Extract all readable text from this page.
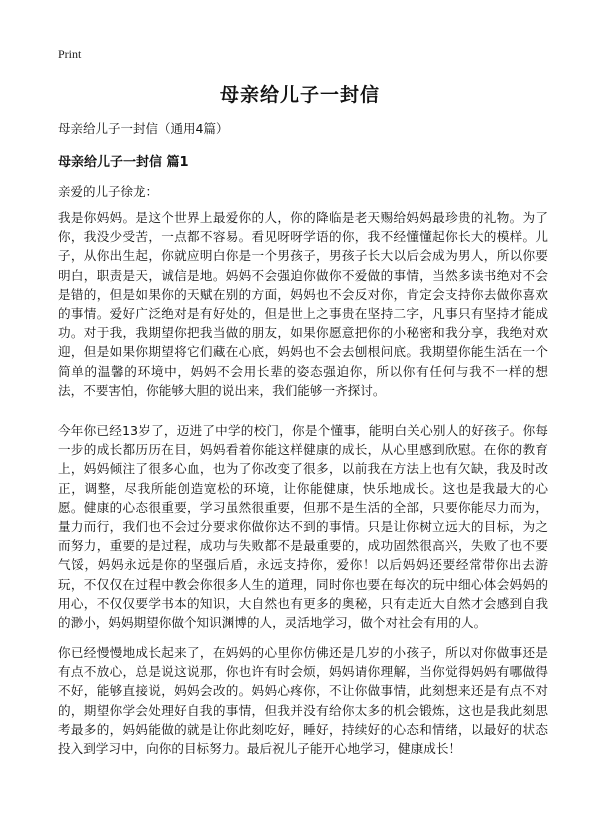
Print
母亲给儿子一封信

母亲给儿子一封信（通用4篇）

母亲给儿子一封信 篇1

亲爱的儿子徐龙：

我是你妈妈。是这个世界上最爱你的人，你的降临是老天赐给妈妈最珍贵的礼物。为了你，我没少受苦，一点都不容易。看见呀呀学语的你，我不经懂懂起你长大的模样。儿子，从你出生起，你就应明白你是一个男孩子，男孩子长大以后会成为男人，所以你要明白，职责是天，诚信是地。妈妈不会强迫你做你不爱做的事情，当然多读书绝对不会是错的，但是如果你的天赋在别的方面，妈妈也不会反对你，肯定会支持你去做你喜欢的事情。爱好广泛绝对是有好处的，但是世上之事贵在坚持二字，凡事只有坚持才能成功。对于我，我期望你把我当做的朋友，如果你愿意把你的小秘密和我分享，我绝对欢迎，但是如果你期望将它们藏在心底，妈妈也不会去刨根问底。我期望你能生活在一个简单的温馨的环境中，妈妈不会用长辈的姿态强迫你，所以你有任何与我不一样的想法，不要害怕，你能够大胆的说出来，我们能够一齐探讨。

今年你已经13岁了，迈进了中学的校门，你是个懂事，能明白关心别人的好孩子。你每一步的成长都历历在目，妈妈看着你能这样健康的成长，从心里感到欣慰。在你的教育上，妈妈倾注了很多心血，也为了你改变了很多，以前我在方法上也有欠缺，我及时改正，调整，尽我所能创造宽松的环境，让你能健康，快乐地成长。这也是我最大的心愿。健康的心态很重要，学习虽然很重要，但那不是生活的全部，只要你能尽力而为，量力而行，我们也不会过分要求你做你达不到的事情。只是让你树立远大的目标，为之而努力，重要的是过程，成功与失败都不是最重要的，成功固然很高兴，失败了也不要气馁，妈妈永远是你的坚强后盾，永远支持你，爱你！以后妈妈还要经常带你出去游玩，不仅仅在过程中教会你很多人生的道理，同时你也要在每次的玩中细心体会妈妈的用心，不仅仅要学书本的知识，大自然也有更多的奥秘，只有走近大自然才会感到自我的渺小，妈妈期望你做个知识渊博的人，灵活地学习，做个对社会有用的人。

你已经慢慢地成长起来了，在妈妈的心里你仿佛还是几岁的小孩子，所以对你做事还是有点不放心，总是说这说那，你也许有时会烦，妈妈请你理解，当你觉得妈妈有哪做得不好，能够直接说，妈妈会改的。妈妈心疼你，不让你做事情，此刻想来还是有点不对的，期望你学会处理好自我的事情，但我并没有给你太多的机会锻炼，这也是我此刻思考最多的，妈妈能做的就是让你此刻吃好，睡好，持续好的心态和情绪，以最好的状态投入到学习中，向你的目标努力。最后祝儿子能开心地学习，健康成长！
